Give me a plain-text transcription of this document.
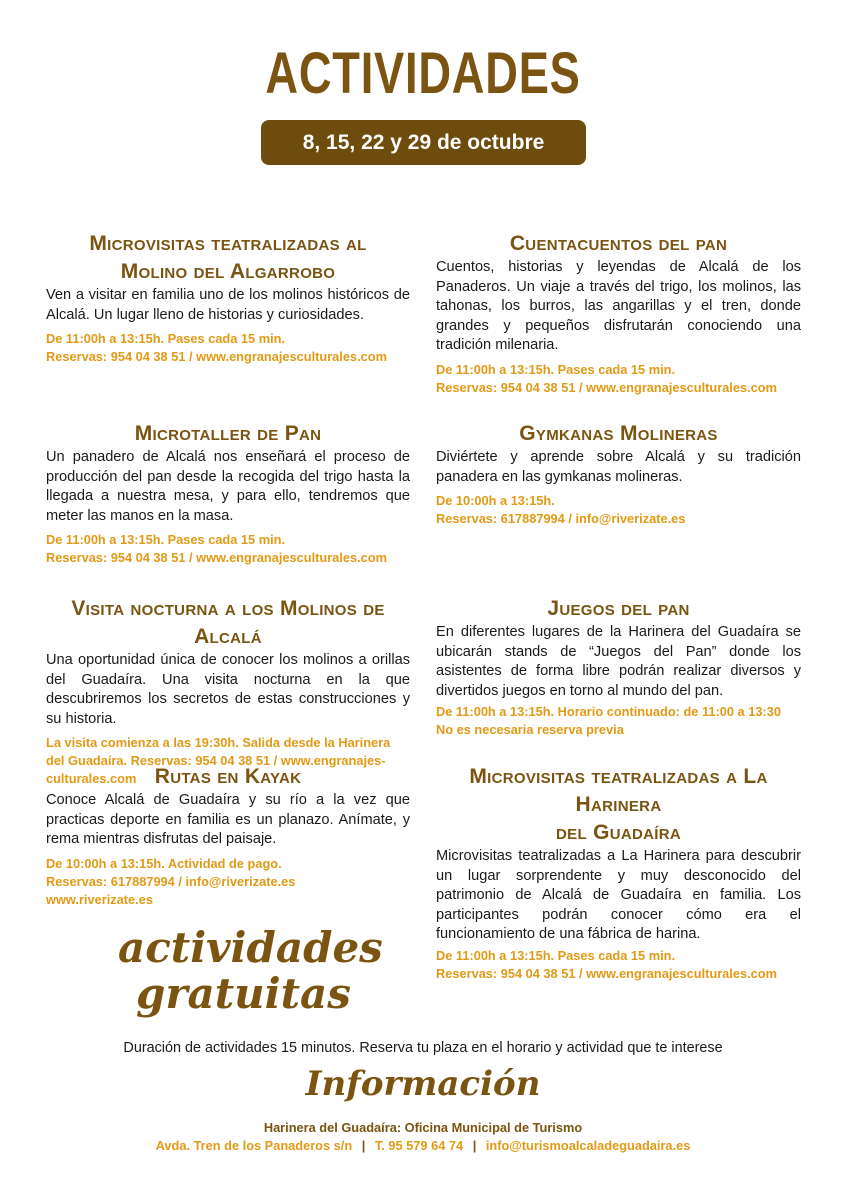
ACTIVIDADES
8, 15, 22 y 29 de octubre
Microvisitas teatralizadas al
Molino del Algarrobo

Ven a visitar en familia uno de los molinos históricos de Alcalá. Un lugar lleno de historias y curiosidades.

De 11:00h a 13:15h. Pases cada 15 min.
Reservas: 954 04 38 51 / www.engranajesculturales.com
Cuentacuentos del pan

Cuentos, historias y leyendas de Alcalá de los Panaderos. Un viaje a través del trigo, los molinos, las tahonas, los burros, las angarillas y el tren, donde grandes y pequeños disfrutarán conociendo una tradición milenaria.

De 11:00h a 13:15h. Pases cada 15 min.
Reservas: 954 04 38 51 / www.engranajesculturales.com
Microtaller de Pan

Un panadero de Alcalá nos enseñará el proceso de producción del pan desde la recogida del trigo hasta la llegada a nuestra mesa, y para ello, tendremos que meter las manos en la masa.

De 11:00h a 13:15h. Pases cada 15 min.
Reservas: 954 04 38 51 / www.engranajesculturales.com
Gymkanas Molineras

Diviértete y aprende sobre Alcalá y su tradición panadera en las gymkanas molineras.

De 10:00h a 13:15h.
Reservas: 617887994 / info@riverizate.es
Visita nocturna a los Molinos de Alcalá

Una oportunidad única de conocer los molinos a orillas del Guadaíra. Una visita nocturna en la que descubriremos los secretos de estas construcciones y su historia.

La visita comienza a las 19:30h. Salida desde la Harinera
del Guadaíra. Reservas: 954 04 38 51 / www.engranajes-
culturales.com
Juegos del pan

En diferentes lugares de la Harinera del Guadaíra se ubicarán stands de “Juegos del Pan” donde los asistentes de forma libre podrán realizar diversos y divertidos juegos en torno al mundo del pan.

De 11:00h a 13:15h. Horario continuado: de 11:00 a 13:30
No es necesaria reserva previa
Rutas en Kayak

Conoce Alcalá de Guadaíra y su río a la vez que practicas deporte en familia es un planazo. Anímate, y rema mientras disfrutas del paisaje.

De 10:00h a 13:15h. Actividad de pago.
Reservas: 617887994 / info@riverizate.es
www.riverizate.es
Microvisitas teatralizadas a La Harinera
del Guadaíra

Microvisitas teatralizadas a La Harinera para descubrir un lugar sorprendente y muy desconocido del patrimonio de Alcalá de Guadaíra en familia. Los participantes podrán conocer cómo era el funcionamiento de una fábrica de harina.

De 11:00h a 13:15h. Pases cada 15 min.
Reservas: 954 04 38 51 / www.engranajesculturales.com
actividades

gratuitas
Duración de actividades 15 minutos. Reserva tu plaza en el horario y actividad que te interese
Información
Harinera del Guadaíra: Oficina Municipal de Turismo
Avda. Tren de los Panaderos s/n | T. 95 579 64 74 | info@turismoalcaladeguadaira.es
